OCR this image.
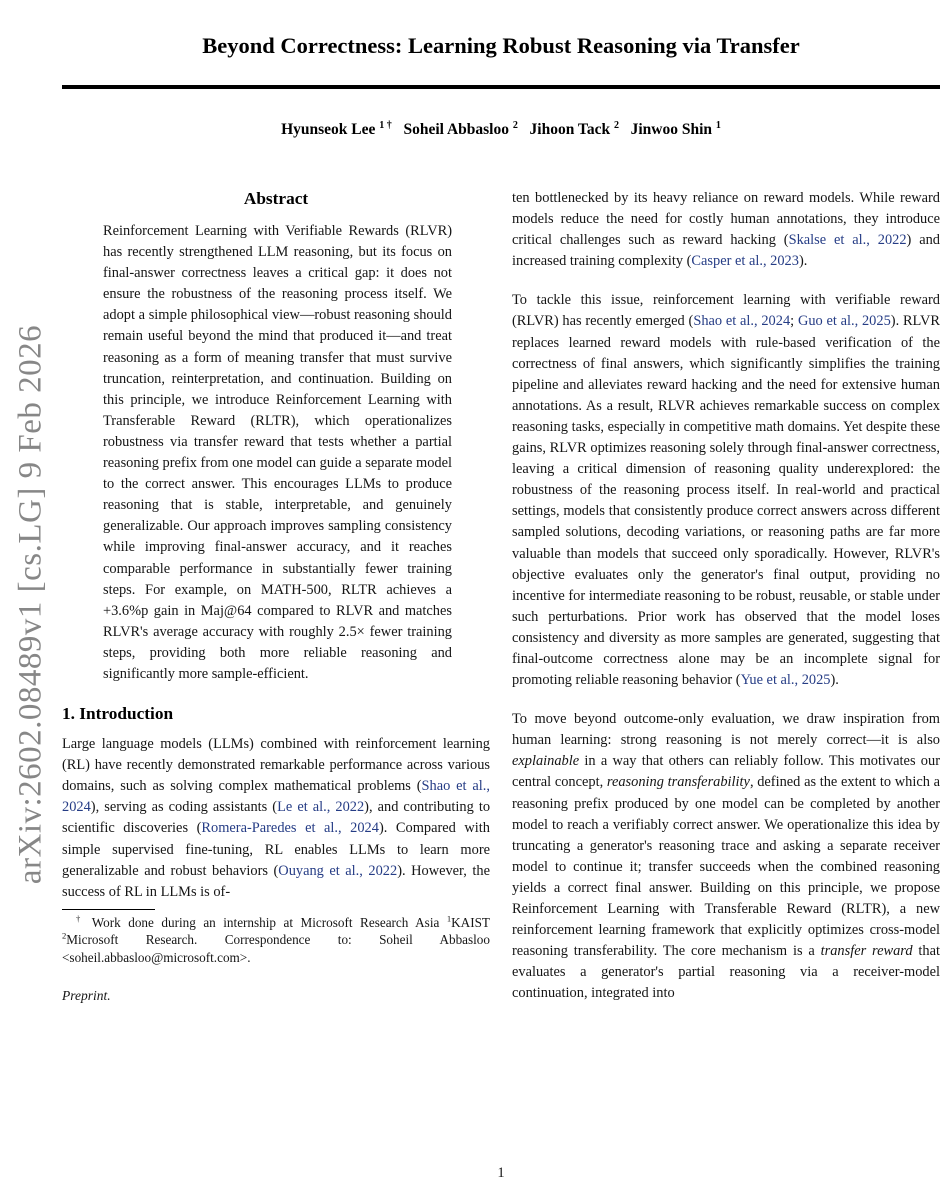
arXiv:2602.08489v1 [cs.LG] 9 Feb 2026
Beyond Correctness: Learning Robust Reasoning via Transfer
Hyunseok Lee $^{1 \dagger}$   Soheil Abbasloo $^2$   Jihoon Tack $^2$   Jinwoo Shin $^1$
Abstract
Reinforcement Learning with Verifiable Rewards (RLVR) has recently strengthened LLM reasoning, but its focus on final-answer correctness leaves a critical gap: it does not ensure the robustness of the reasoning process itself. We adopt a simple philosophical view—robust reasoning should remain useful beyond the mind that produced it—and treat reasoning as a form of meaning transfer that must survive truncation, reinterpretation, and continuation. Building on this principle, we introduce Reinforcement Learning with Transferable Reward (RLTR), which operationalizes robustness via transfer reward that tests whether a partial reasoning prefix from one model can guide a separate model to the correct answer. This encourages LLMs to produce reasoning that is stable, interpretable, and genuinely generalizable. Our approach improves sampling consistency while improving final-answer accuracy, and it reaches comparable performance in substantially fewer training steps. For example, on MATH-500, RLTR achieves a +3.6%p gain in Maj@64 compared to RLVR and matches RLVR's average accuracy with roughly 2.5× fewer training steps, providing both more reliable reasoning and significantly more sample-efficient.
1. Introduction
Large language models (LLMs) combined with reinforcement learning (RL) have recently demonstrated remarkable performance across various domains, such as solving complex mathematical problems (Shao et al., 2024), serving as coding assistants (Le et al., 2022), and contributing to scientific discoveries (Romera-Paredes et al., 2024). Compared with simple supervised fine-tuning, RL enables LLMs to learn more generalizable and robust behaviors (Ouyang et al., 2022). However, the success of RL in LLMs is of-
† Work done during an internship at Microsoft Research Asia $^1$KAIST $^2$Microsoft Research. Correspondence to: Soheil Abbasloo <soheil.abbasloo@microsoft.com>.
Preprint.
ten bottlenecked by its heavy reliance on reward models. While reward models reduce the need for costly human annotations, they introduce critical challenges such as reward hacking (Skalse et al., 2022) and increased training complexity (Casper et al., 2023).
To tackle this issue, reinforcement learning with verifiable reward (RLVR) has recently emerged (Shao et al., 2024; Guo et al., 2025). RLVR replaces learned reward models with rule-based verification of the correctness of final answers, which significantly simplifies the training pipeline and alleviates reward hacking and the need for extensive human annotations. As a result, RLVR achieves remarkable success on complex reasoning tasks, especially in competitive math domains. Yet despite these gains, RLVR optimizes reasoning solely through final-answer correctness, leaving a critical dimension of reasoning quality underexplored: the robustness of the reasoning process itself. In real-world and practical settings, models that consistently produce correct answers across different sampled solutions, decoding variations, or reasoning paths are far more valuable than models that succeed only sporadically. However, RLVR's objective evaluates only the generator's final output, providing no incentive for intermediate reasoning to be robust, reusable, or stable under such perturbations. Prior work has observed that the model loses consistency and diversity as more samples are generated, suggesting that final-outcome correctness alone may be an incomplete signal for promoting reliable reasoning behavior (Yue et al., 2025).
To move beyond outcome-only evaluation, we draw inspiration from human learning: strong reasoning is not merely correct—it is also explainable in a way that others can reliably follow. This motivates our central concept, reasoning transferability, defined as the extent to which a reasoning prefix produced by one model can be completed by another model to reach a verifiably correct answer. We operationalize this idea by truncating a generator's reasoning trace and asking a separate receiver model to continue it; transfer succeeds when the combined reasoning yields a correct final answer. Building on this principle, we propose Reinforcement Learning with Transferable Reward (RLTR), a new reinforcement learning framework that explicitly optimizes cross-model reasoning transferability. The core mechanism is a transfer reward that evaluates a generator's partial reasoning via a receiver-model continuation, integrated into
1
